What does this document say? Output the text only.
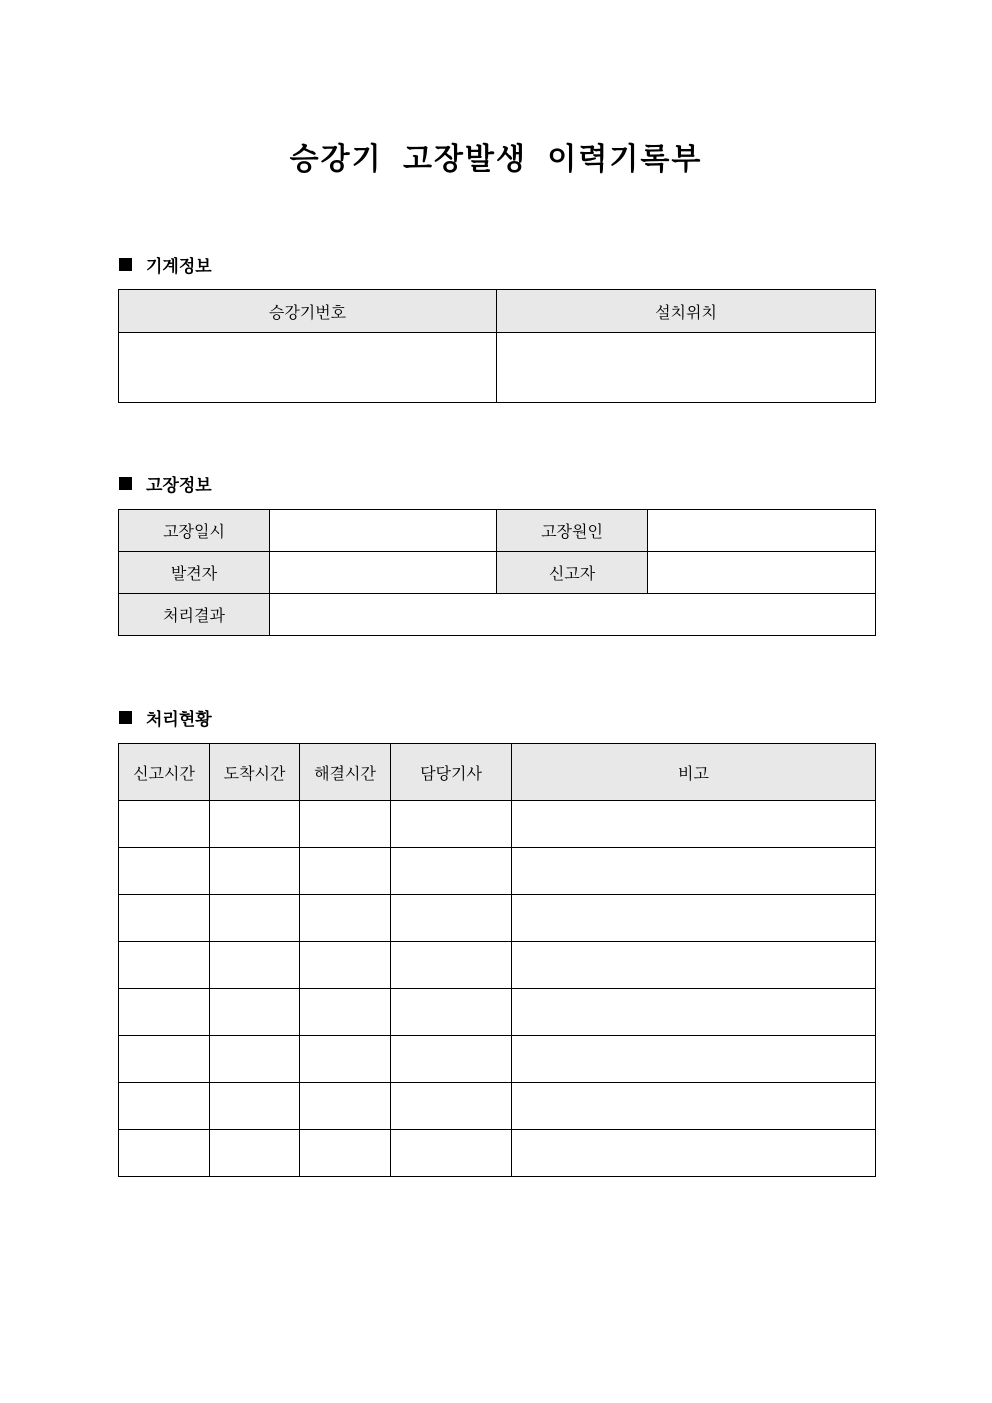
승강기 고장발생 이력기록부
기계정보
승강기번호	설치위치

고장정보
고장일시		고장원인	
발견자		신고자	
처리결과			
처리현황
신고시간	도착시간	해결시간	담당기사	비고
